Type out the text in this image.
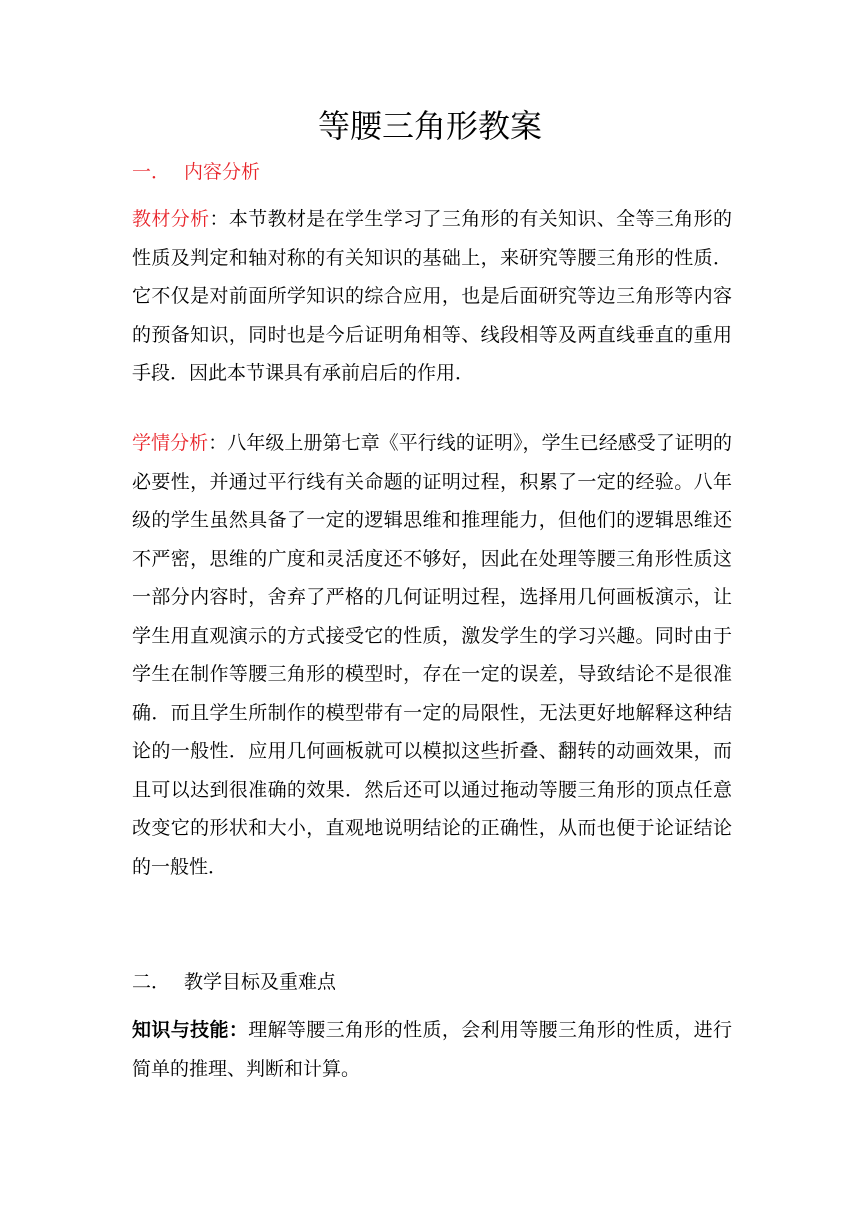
等腰三角形教案
一． 内容分析
教材分析：本节教材是在学生学习了三角形的有关知识、全等三角形的性质及判定和轴对称的有关知识的基础上，来研究等腰三角形的性质．它不仅是对前面所学知识的综合应用，也是后面研究等边三角形等内容的预备知识，同时也是今后证明角相等、线段相等及两直线垂直的重用手段．因此本节课具有承前启后的作用．
学情分析：八年级上册第七章《平行线的证明》，学生已经感受了证明的必要性，并通过平行线有关命题的证明过程，积累了一定的经验。八年级的学生虽然具备了一定的逻辑思维和推理能力，但他们的逻辑思维还不严密，思维的广度和灵活度还不够好，因此在处理等腰三角形性质这一部分内容时，舍弃了严格的几何证明过程，选择用几何画板演示，让学生用直观演示的方式接受它的性质，激发学生的学习兴趣。同时由于学生在制作等腰三角形的模型时，存在一定的误差，导致结论不是很准确．而且学生所制作的模型带有一定的局限性，无法更好地解释这种结论的一般性．应用几何画板就可以模拟这些折叠、翻转的动画效果，而且可以达到很准确的效果．然后还可以通过拖动等腰三角形的顶点任意改变它的形状和大小，直观地说明结论的正确性，从而也便于论证结论的一般性．
二． 教学目标及重难点
知识与技能：理解等腰三角形的性质，会利用等腰三角形的性质，进行简单的推理、判断和计算。
